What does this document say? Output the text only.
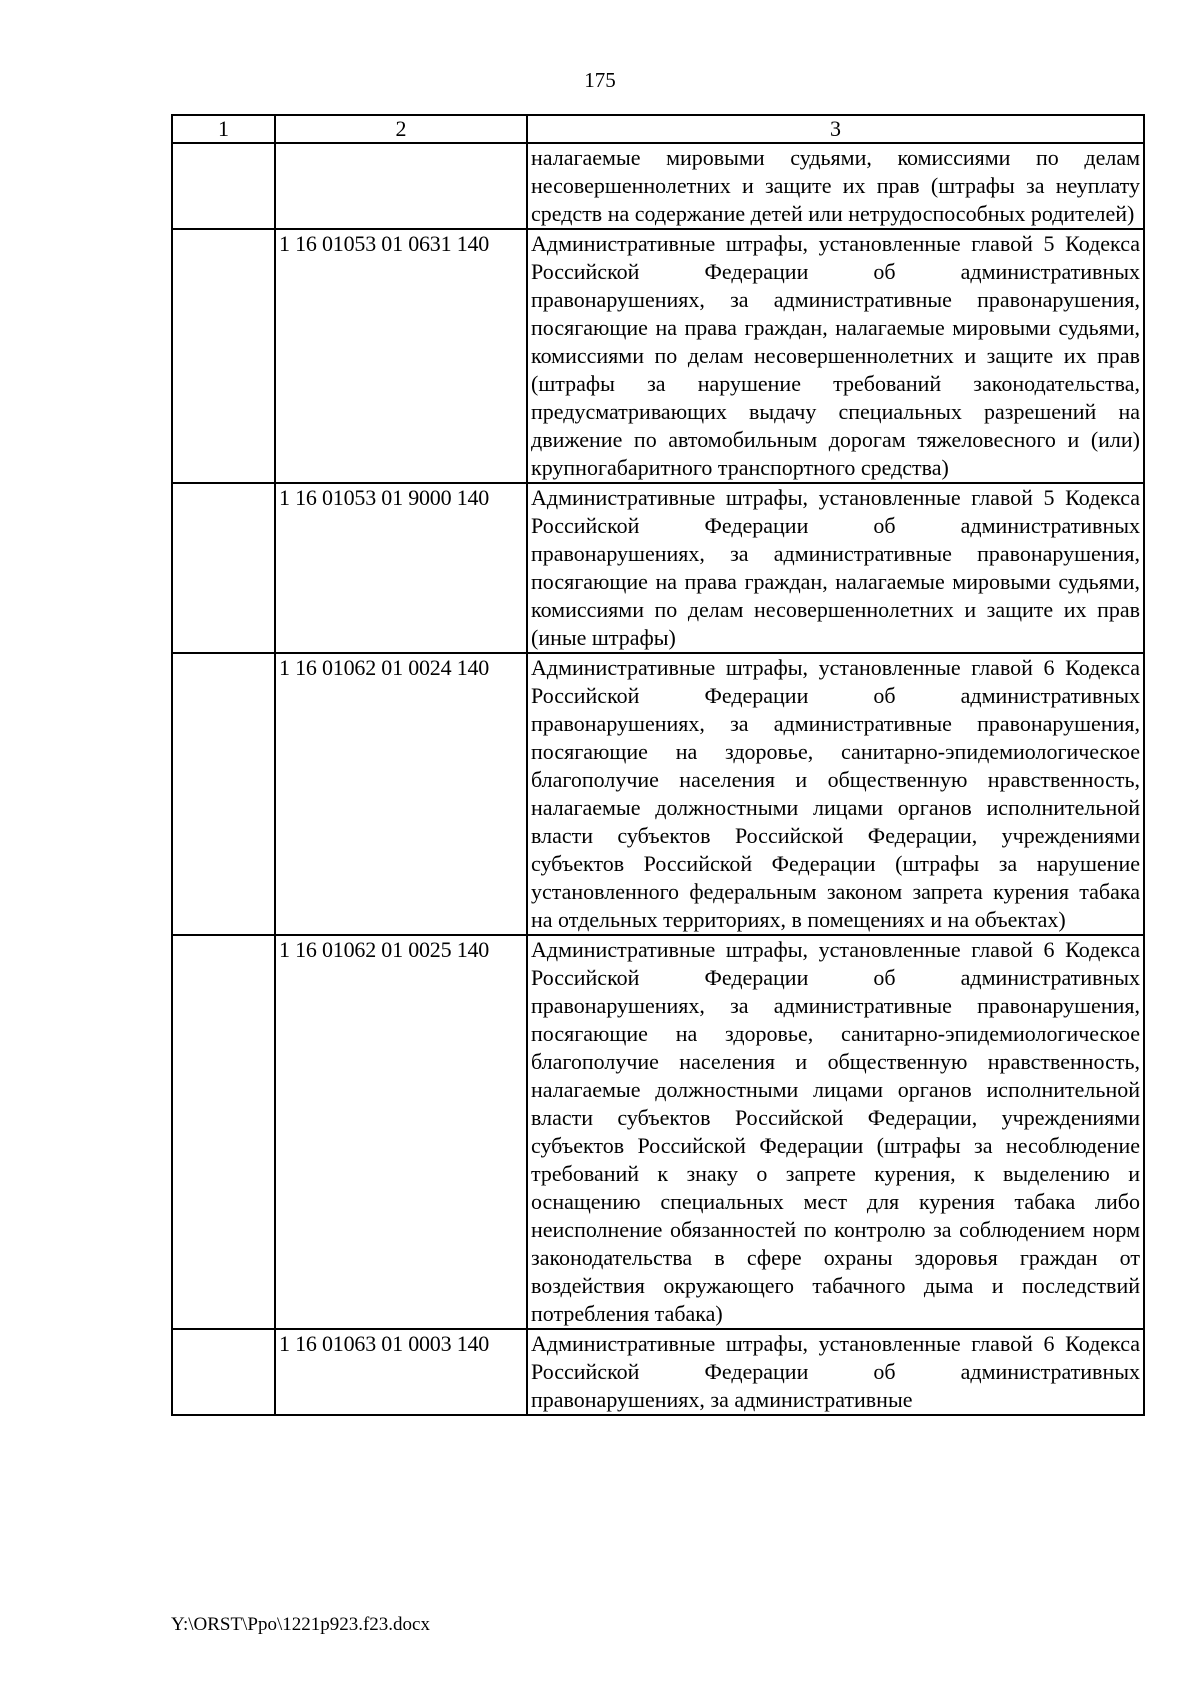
175
1	2	3
		налагаемые мировыми судьями, комиссиями по делам несовершеннолетних и защите их прав (штрафы за неуплату средств на содержание детей или нетрудоспособных родителей)
	1 16 01053 01 0631 140	Административные штрафы, установленные главой 5 Кодекса Российской Федерации об административных правонарушениях, за административные правонарушения, посягающие на права граждан, налагаемые мировыми судьями, комиссиями по делам несовершеннолетних и защите их прав (штрафы за нарушение требований законодательства, предусматривающих выдачу специальных разрешений на движение по автомобильным дорогам тяжеловесного и (или) крупногабаритного транспортного средства)
	1 16 01053 01 9000 140	Административные штрафы, установленные главой 5 Кодекса Российской Федерации об административных правонарушениях, за административные правонарушения, посягающие на права граждан, налагаемые мировыми судьями, комиссиями по делам несовершеннолетних и защите их прав (иные штрафы)
	1 16 01062 01 0024 140	Административные штрафы, установленные главой 6 Кодекса Российской Федерации об административных правонарушениях, за административные правонарушения, посягающие на здоровье, санитарно-эпидемиологическое благополучие населения и общественную нравственность, налагаемые должностными лицами органов исполнительной власти субъектов Российской Федерации, учреждениями субъектов Российской Федерации (штрафы за нарушение установленного федеральным законом запрета курения табака на отдельных территориях, в помещениях и на объектах)
	1 16 01062 01 0025 140	Административные штрафы, установленные главой 6 Кодекса Российской Федерации об административных правонарушениях, за административные правонарушения, посягающие на здоровье, санитарно-эпидемиологическое благополучие населения и общественную нравственность, налагаемые должностными лицами органов исполнительной власти субъектов Российской Федерации, учреждениями субъектов Российской Федерации (штрафы за несоблюдение требований к знаку о запрете курения, к выделению и оснащению специальных мест для курения табака либо неисполнение обязанностей по контролю за соблюдением норм законодательства в сфере охраны здоровья граждан от воздействия окружающего табачного дыма и последствий потребления табака)
	1 16 01063 01 0003 140	Административные штрафы, установленные главой 6 Кодекса Российской Федерации об административных правонарушениях, за административные
Y:\ORST\Ppo\1221p923.f23.docx
